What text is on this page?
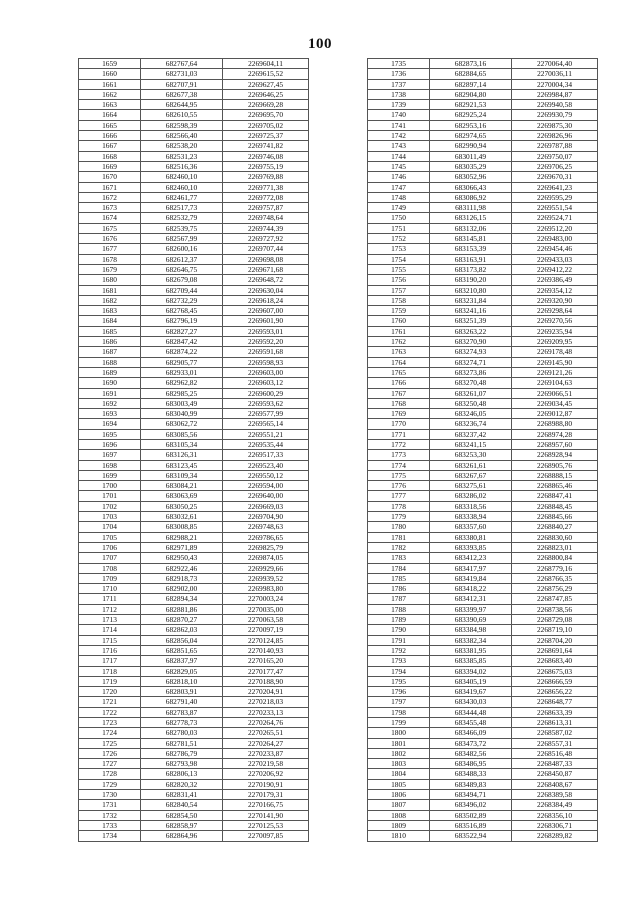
100
1659	682767,64	2269604,11
1660	682731,03	2269615,52
1661	682707,91	2269627,45
1662	682677,38	2269646,25
1663	682644,95	2269669,28
1664	682610,55	2269695,70
1665	682598,39	2269705,02
1666	682566,40	2269725,37
1667	682538,20	2269741,82
1668	682531,23	2269746,08
1669	682516,36	2269755,19
1670	682460,10	2269769,88
1671	682460,10	2269771,38
1672	682461,77	2269772,08
1673	682517,73	2269757,87
1674	682532,79	2269748,64
1675	682539,75	2269744,39
1676	682567,99	2269727,92
1677	682600,16	2269707,44
1678	682612,37	2269698,08
1679	682646,75	2269671,68
1680	682679,08	2269648,72
1681	682709,44	2269630,04
1682	682732,29	2269618,24
1683	682768,45	2269607,00
1684	682796,19	2269601,90
1685	682827,27	2269593,01
1686	682847,42	2269592,20
1687	682874,22	2269591,68
1688	682905,77	2269598,93
1689	682933,01	2269603,00
1690	682962,82	2269603,12
1691	682985,25	2269600,29
1692	683003,49	2269593,62
1693	683040,99	2269577,99
1694	683062,72	2269565,14
1695	683085,56	2269551,21
1696	683105,34	2269535,44
1697	683126,31	2269517,33
1698	683123,45	2269523,40
1699	683109,34	2269550,12
1700	683084,21	2269594,00
1701	683063,69	2269640,00
1702	683050,25	2269669,03
1703	683032,61	2269704,90
1704	683008,85	2269748,63
1705	682988,21	2269786,65
1706	682971,89	2269825,79
1707	682950,43	2269874,05
1708	682922,46	2269929,66
1709	682918,73	2269939,52
1710	682902,00	2269983,80
1711	682894,34	2270003,24
1712	682881,86	2270035,00
1713	682870,27	2270063,58
1714	682862,03	2270097,19
1715	682856,04	2270124,85
1716	682851,65	2270140,93
1717	682837,97	2270165,20
1718	682829,05	2270177,47
1719	682818,10	2270188,90
1720	682803,91	2270204,91
1721	682791,40	2270218,03
1722	682783,87	2270233,13
1723	682778,73	2270264,76
1724	682780,03	2270265,51
1725	682781,51	2270264,27
1726	682786,79	2270233,87
1727	682793,98	2270219,58
1728	682806,13	2270206,92
1729	682820,32	2270190,91
1730	682831,41	2270179,31
1731	682840,54	2270166,75
1732	682854,50	2270141,90
1733	682858,97	2270125,53
1734	682864,96	2270097,85
1735	682873,16	2270064,40
1736	682884,65	2270036,11
1737	682897,14	2270004,34
1738	682904,80	2269984,87
1739	682921,53	2269940,58
1740	682925,24	2269930,79
1741	682953,16	2269875,30
1742	682974,65	2269826,96
1743	682990,94	2269787,88
1744	683011,49	2269750,07
1745	683035,29	2269706,25
1746	683052,96	2269670,31
1747	683066,43	2269641,23
1748	683086,92	2269595,29
1749	683111,98	2269551,54
1750	683126,15	2269524,71
1751	683132,06	2269512,20
1752	683145,81	2269483,00
1753	683153,39	2269454,46
1754	683163,91	2269433,03
1755	683173,82	2269412,22
1756	683190,20	2269386,49
1757	683210,80	2269354,12
1758	683231,84	2269320,90
1759	683241,16	2269298,64
1760	683251,39	2269270,56
1761	683263,22	2269235,94
1762	683270,90	2269209,95
1763	683274,93	2269178,48
1764	683274,71	2269145,90
1765	683273,86	2269121,26
1766	683270,48	2269104,63
1767	683261,07	2269066,51
1768	683250,48	2269034,45
1769	683246,05	2269012,87
1770	683236,74	2268988,80
1771	683237,42	2268974,28
1772	683241,15	2268957,60
1773	683253,30	2268928,94
1774	683261,61	2268905,76
1775	683267,67	2268888,15
1776	683275,61	2268865,46
1777	683286,02	2268847,41
1778	683318,56	2268848,45
1779	683338,94	2268845,66
1780	683357,60	2268840,27
1781	683380,81	2268830,60
1782	683393,85	2268823,01
1783	683412,23	2268800,84
1784	683417,97	2268779,16
1785	683419,84	2268766,35
1786	683418,22	2268756,29
1787	683412,31	2268747,85
1788	683399,97	2268738,56
1789	683390,69	2268729,08
1790	683384,98	2268719,10
1791	683382,34	2268704,20
1792	683381,95	2268691,64
1793	683385,85	2268683,40
1794	683394,02	2268675,03
1795	683405,19	2268666,59
1796	683419,67	2268656,22
1797	683430,03	2268648,77
1798	683444,48	2268633,39
1799	683455,48	2268613,31
1800	683466,09	2268587,02
1801	683473,72	2268557,31
1802	683482,56	2268516,48
1803	683486,95	2268487,33
1804	683488,33	2268450,87
1805	683489,83	2268408,67
1806	683494,71	2268389,58
1807	683496,02	2268384,49
1808	683502,89	2268356,10
1809	683516,89	2268306,71
1810	683522,94	2268289,82
